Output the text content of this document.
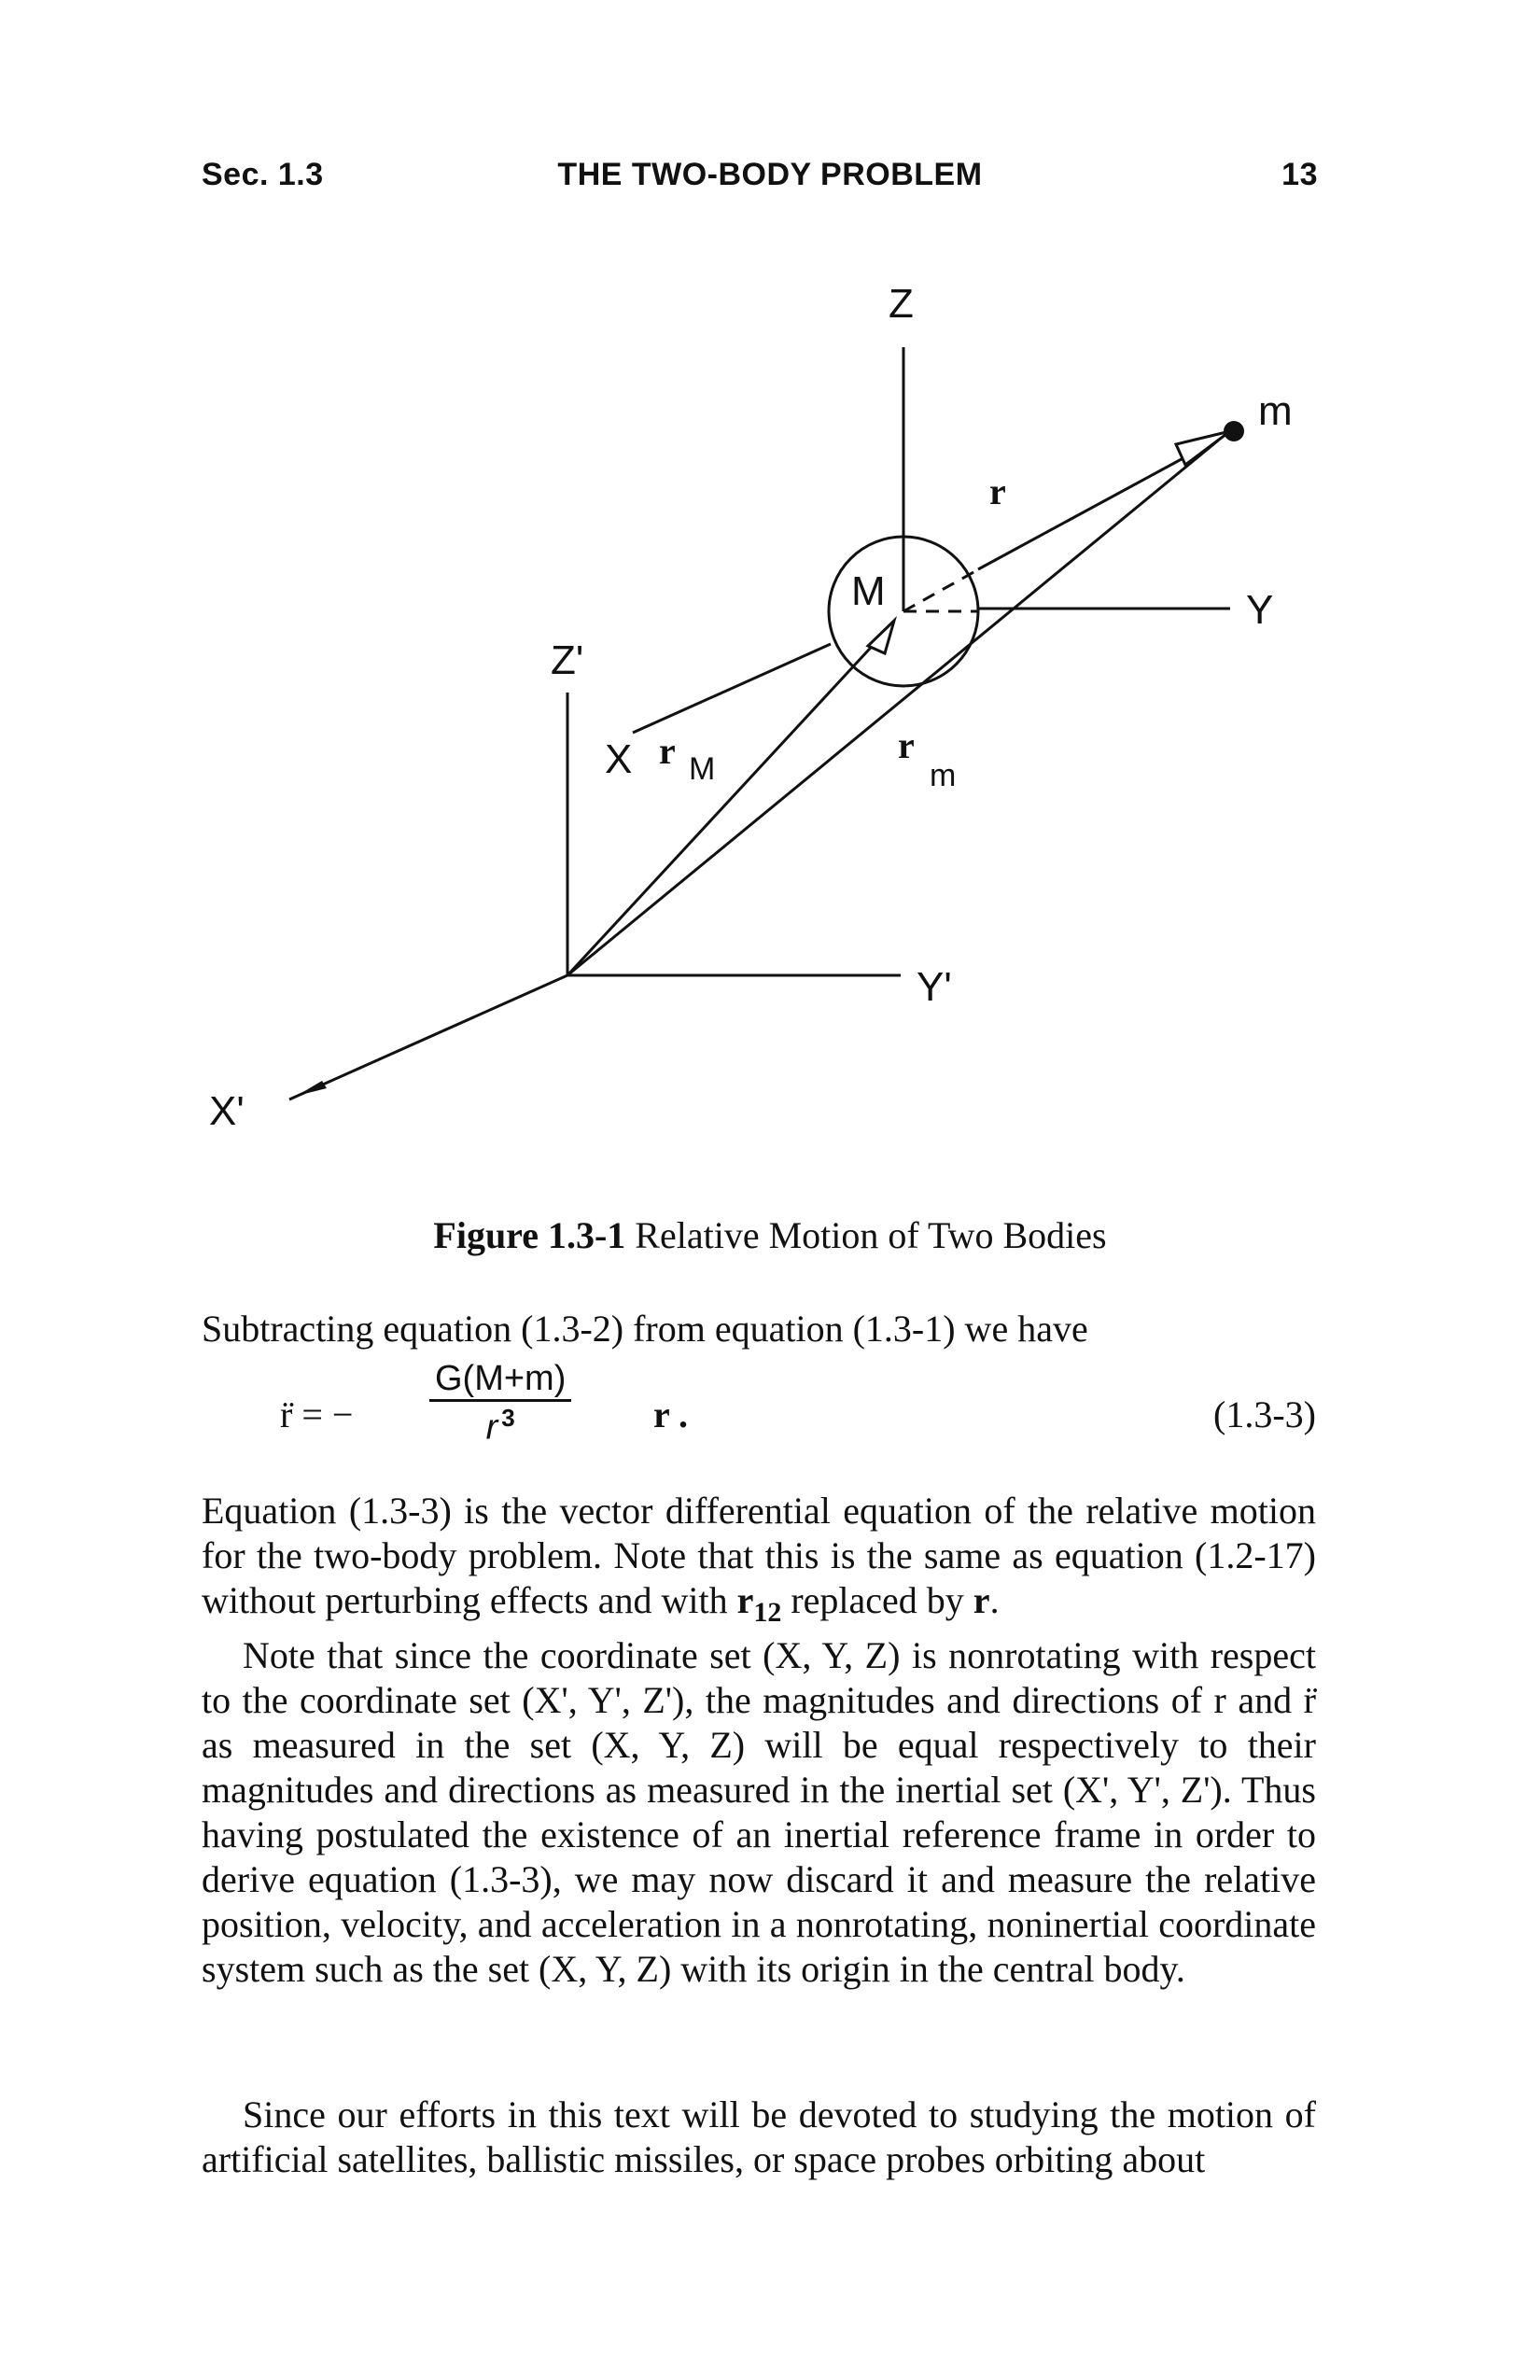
Sec. 1.3	THE TWO-BODY PROBLEM	13
Z
m
r
M	Y
Z'
X r M
r
m
Y'
X'
Figure 1.3-1 Relative Motion of Two Bodies
Subtracting equation (1.3-2) from equation (1.3-1) we have
r̈ = − $\frac{G(M+m)}{r ^3}$ r .	(1.3-3)
Equation (1.3-3) is the vector differential equation of the relative motion for the two-body problem. Note that this is the same as equation (1.2-17) without perturbing effects and with $r_{12}$ replaced by r.
Note that since the coordinate set (X, Y, Z) is nonrotating with respect to the coordinate set (X', Y', Z'), the magnitudes and directions of r and r̈ as measured in the set (X, Y, Z) will be equal respectively to their magnitudes and directions as measured in the inertial set (X', Y', Z'). Thus having postulated the existence of an inertial reference frame in order to derive equation (1.3-3), we may now discard it and measure the relative position, velocity, and acceleration in a nonrotating, noninertial coordinate system such as the set (X, Y, Z) with its origin in the central body.
Since our efforts in this text will be devoted to studying the motion of artificial satellites, ballistic missiles, or space probes orbiting about
